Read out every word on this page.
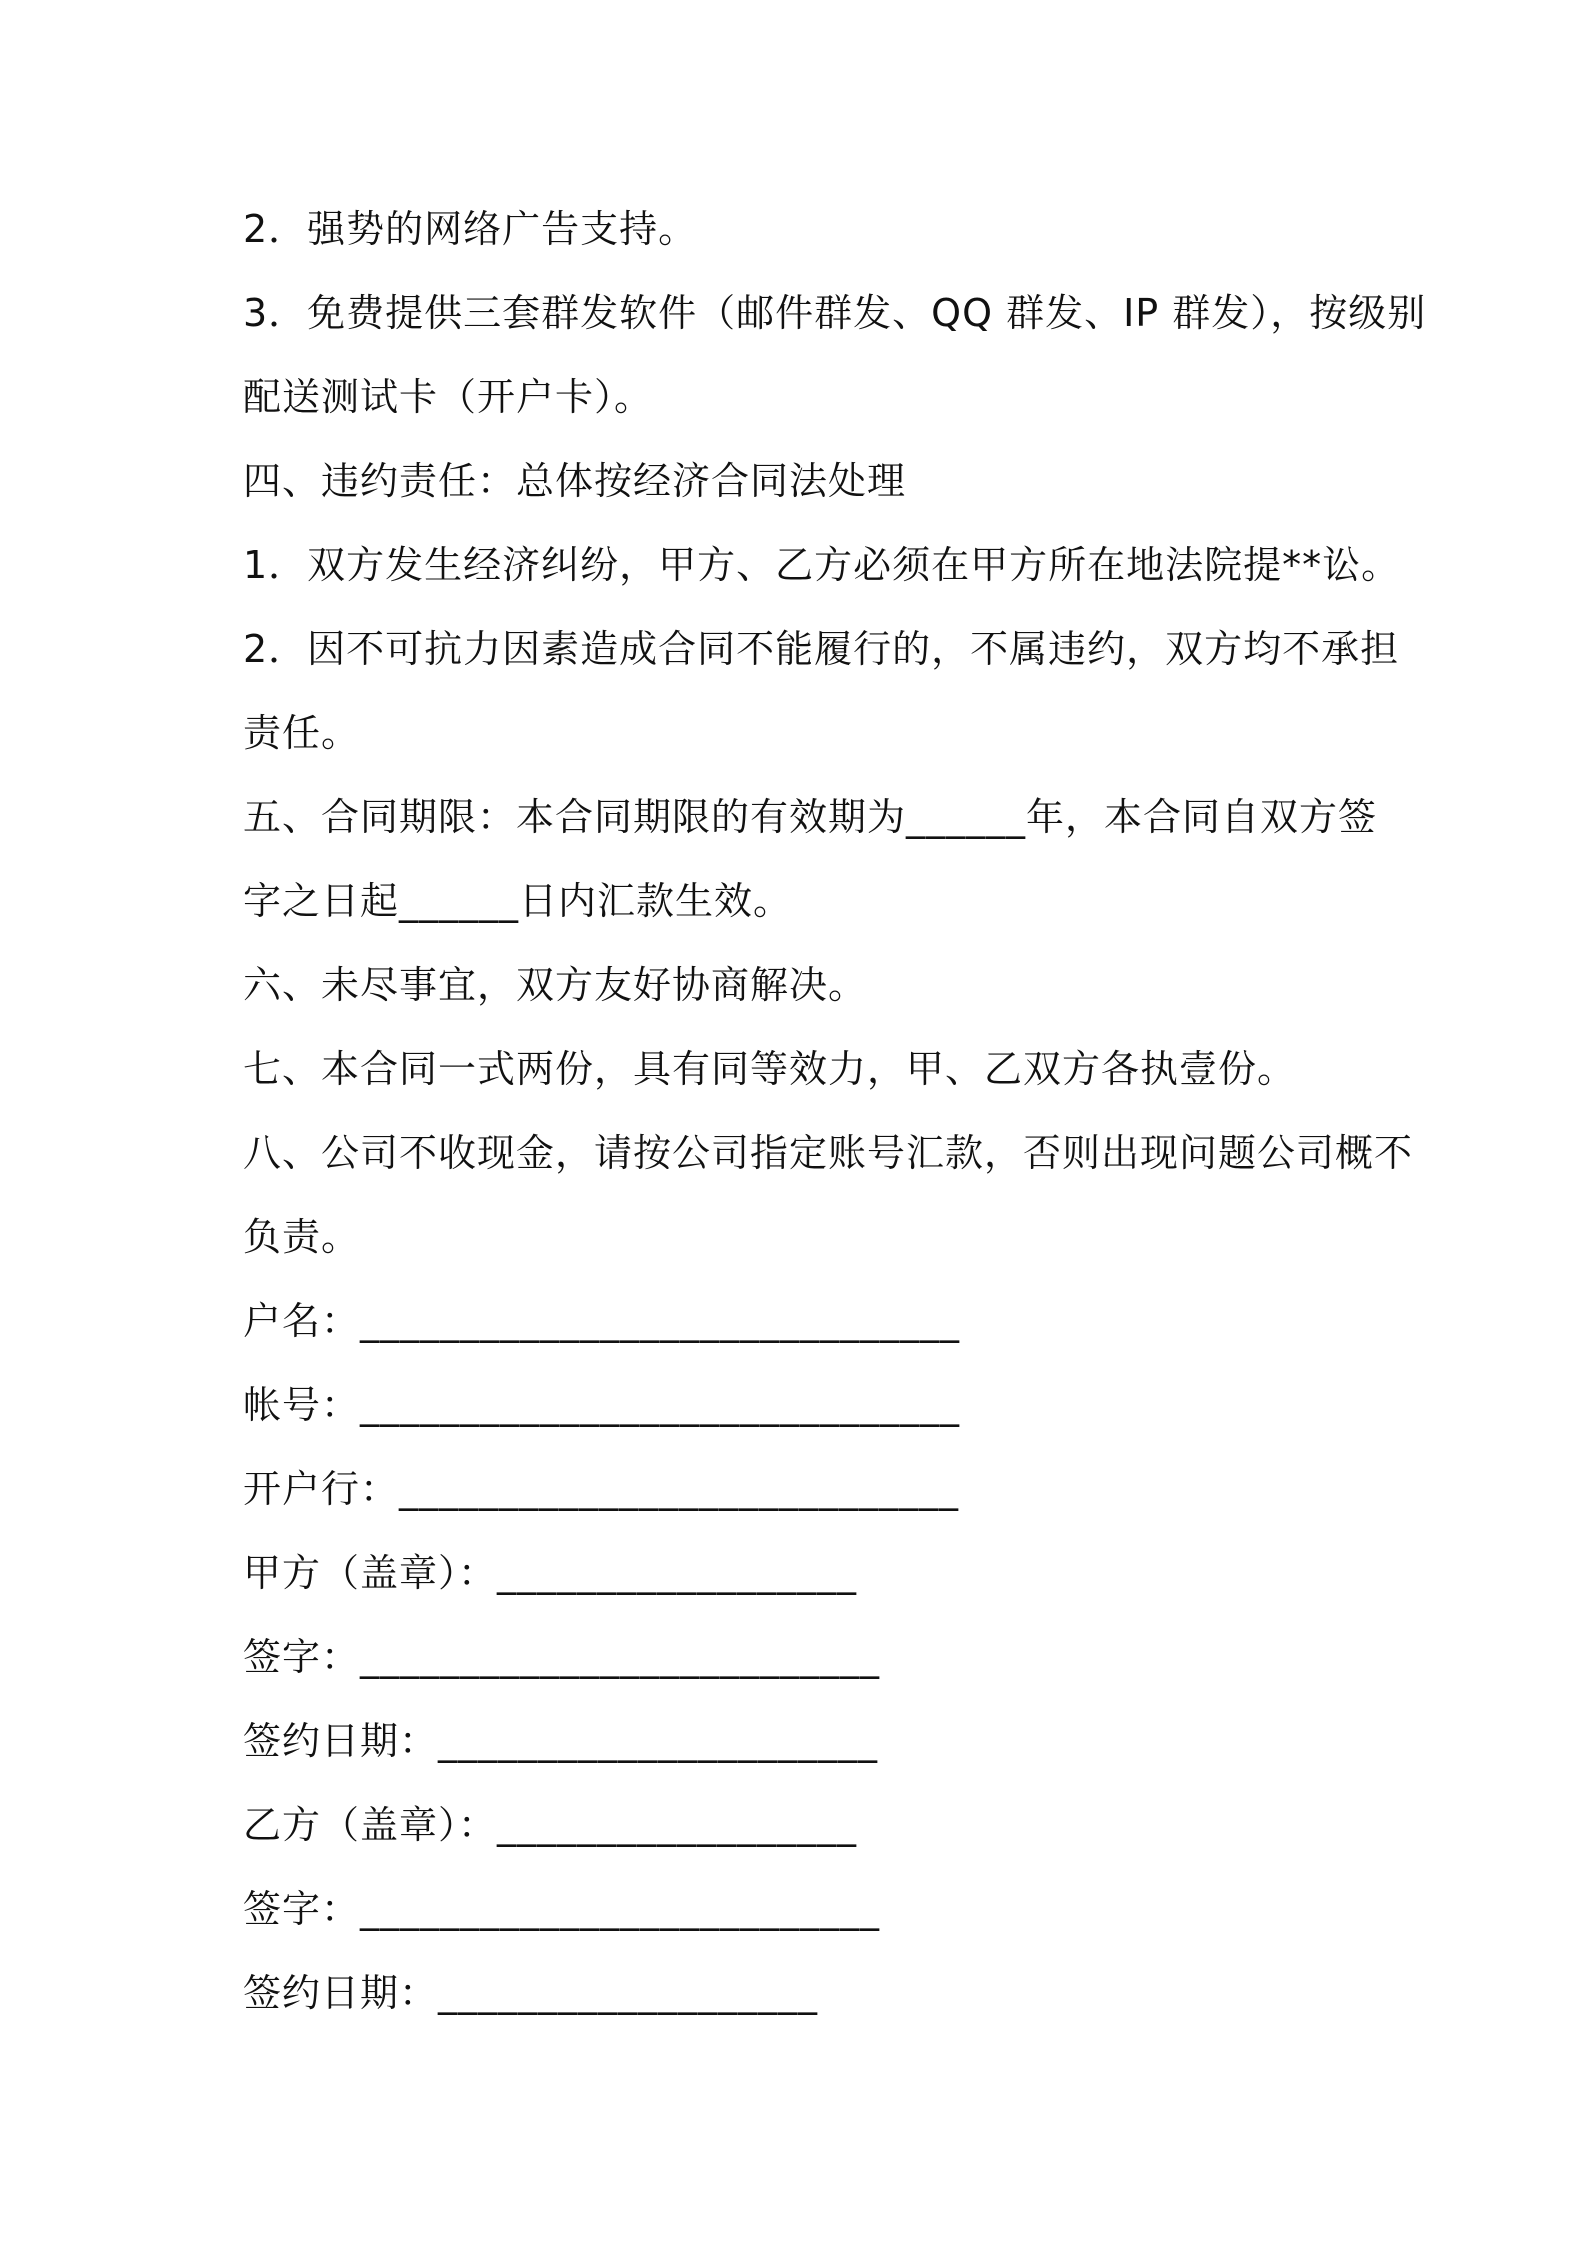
2．强势的网络广告支持。
3．免费提供三套群发软件（邮件群发、QQ 群发、IP 群发），按级别
配送测试卡（开户卡）。
四、违约责任：总体按经济合同法处理
1．双方发生经济纠纷，甲方、乙方必须在甲方所在地法院提**讼。
2．因不可抗力因素造成合同不能履行的，不属违约，双方均不承担
责任。
五、合同期限：本合同期限的有效期为______年，本合同自双方签
字之日起______日内汇款生效。
六、未尽事宜，双方友好协商解决。
七、本合同一式两份，具有同等效力，甲、乙双方各执壹份。
八、公司不收现金，请按公司指定账号汇款，否则出现问题公司概不
负责。
户名：______________________________
帐号：______________________________
开户行：____________________________
甲方（盖章）：__________________
签字：__________________________
签约日期：______________________
乙方（盖章）：__________________
签字：__________________________
签约日期：___________________
